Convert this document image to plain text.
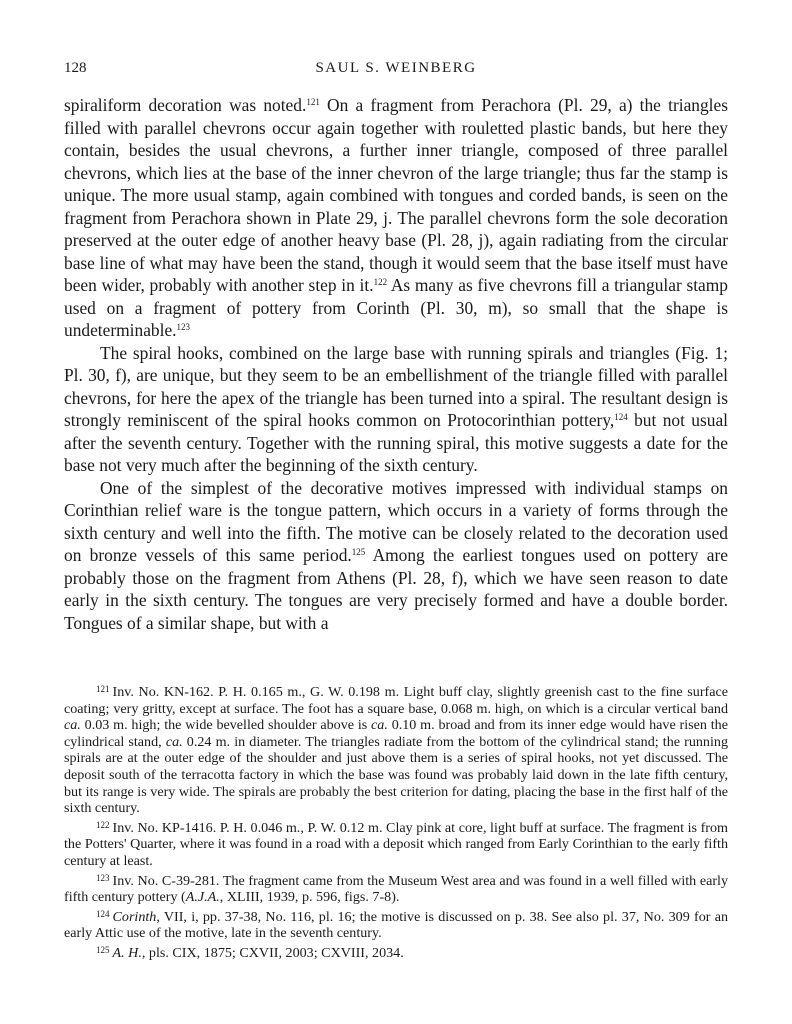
128	SAUL S. WEINBERG

spiraliform decoration was noted.$^{121}$ On a fragment from Perachora (Pl. 29, a) the triangles filled with parallel chevrons occur again together with rouletted plastic bands, but here they contain, besides the usual chevrons, a further inner triangle, composed of three parallel chevrons, which lies at the base of the inner chevron of the large triangle; thus far the stamp is unique. The more usual stamp, again combined with tongues and corded bands, is seen on the fragment from Perachora shown in Plate 29, j. The parallel chevrons form the sole decoration preserved at the outer edge of another heavy base (Pl. 28, j), again radiating from the circular base line of what may have been the stand, though it would seem that the base itself must have been wider, probably with another step in it.$^{122}$ As many as five chevrons fill a triangular stamp used on a fragment of pottery from Corinth (Pl. 30, m), so small that the shape is undeterminable.$^{123}$

The spiral hooks, combined on the large base with running spirals and triangles (Fig. 1; Pl. 30, f), are unique, but they seem to be an embellishment of the triangle filled with parallel chevrons, for here the apex of the triangle has been turned into a spiral. The resultant design is strongly reminiscent of the spiral hooks common on Protocorinthian pottery,$^{124}$ but not usual after the seventh century. Together with the running spiral, this motive suggests a date for the base not very much after the beginning of the sixth century.

One of the simplest of the decorative motives impressed with individual stamps on Corinthian relief ware is the tongue pattern, which occurs in a variety of forms through the sixth century and well into the fifth. The motive can be closely related to the decoration used on bronze vessels of this same period.$^{125}$ Among the earliest tongues used on pottery are probably those on the fragment from Athens (Pl. 28, f), which we have seen reason to date early in the sixth century. The tongues are very precisely formed and have a double border. Tongues of a similar shape, but with a

$^{121}$ Inv. No. KN-162. P. H. 0.165 m., G. W. 0.198 m. Light buff clay, slightly greenish cast to the fine surface coating; very gritty, except at surface. The foot has a square base, 0.068 m. high, on which is a circular vertical band ca. 0.03 m. high; the wide bevelled shoulder above is ca. 0.10 m. broad and from its inner edge would have risen the cylindrical stand, ca. 0.24 m. in diameter. The triangles radiate from the bottom of the cylindrical stand; the running spirals are at the outer edge of the shoulder and just above them is a series of spiral hooks, not yet discussed. The deposit south of the terracotta factory in which the base was found was probably laid down in the late fifth century, but its range is very wide. The spirals are probably the best criterion for dating, placing the base in the first half of the sixth century.

$^{122}$ Inv. No. KP-1416. P. H. 0.046 m., P. W. 0.12 m. Clay pink at core, light buff at surface. The fragment is from the Potters' Quarter, where it was found in a road with a deposit which ranged from Early Corinthian to the early fifth century at least.

$^{123}$ Inv. No. C-39-281. The fragment came from the Museum West area and was found in a well filled with early fifth century pottery (A.J.A., XLIII, 1939, p. 596, figs. 7-8).

$^{124}$ Corinth, VII, i, pp. 37-38, No. 116, pl. 16; the motive is discussed on p. 38. See also pl. 37, No. 309 for an early Attic use of the motive, late in the seventh century.

$^{125}$ A. H., pls. CIX, 1875; CXVII, 2003; CXVIII, 2034.
